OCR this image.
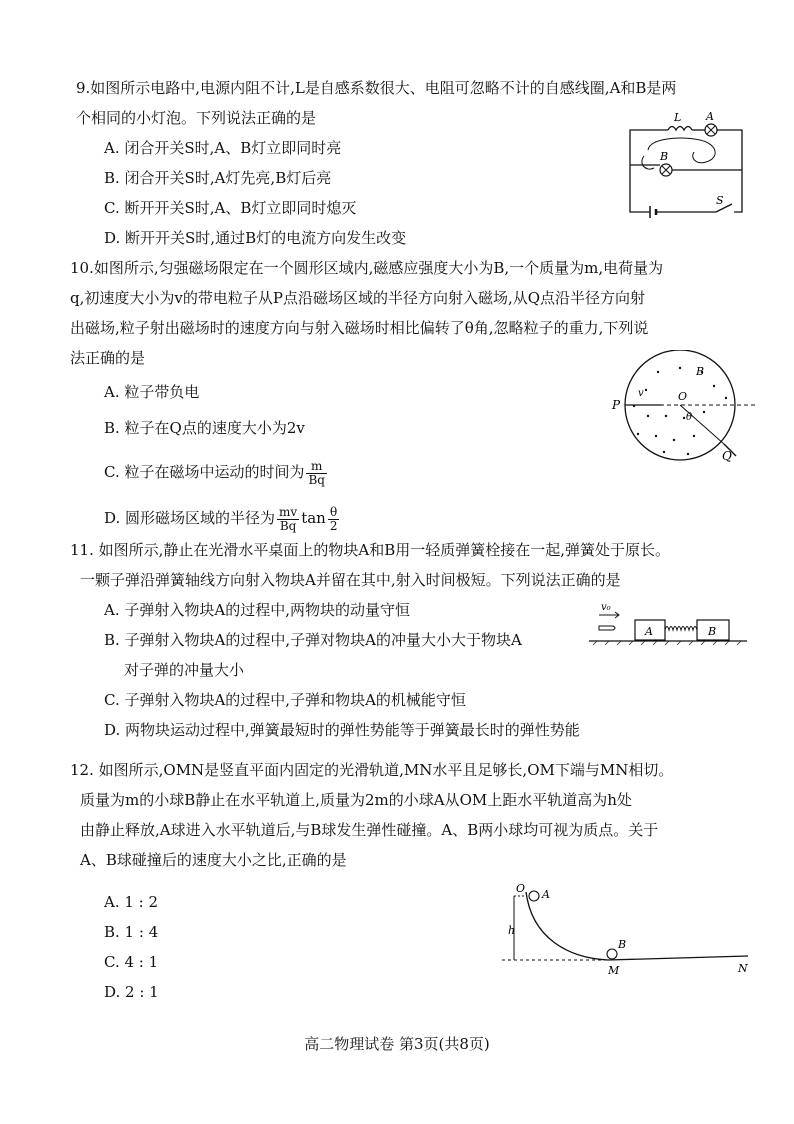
9.如图所示电路中,电源内阻不计,L是自感系数很大、电阻可忽略不计的自感线圈,A和B是两
个相同的小灯泡。下列说法正确的是
A. 闭合开关S时,A、B灯立即同时亮
B. 闭合开关S时,A灯先亮,B灯后亮
C. 断开开关S时,A、B灯立即同时熄灭
D. 断开开关S时,通过B灯的电流方向发生改变
S
L A
B
10.如图所示,匀强磁场限定在一个圆形区域内,磁感应强度大小为B,一个质量为m,电荷量为
q,初速度大小为v的带电粒子从P点沿磁场区域的半径方向射入磁场,从Q点沿半径方向射
出磁场,粒子射出磁场时的速度方向与射入磁场时相比偏转了θ角,忽略粒子的重力,下列说
法正确的是
A. 粒子带负电
B. 粒子在Q点的速度大小为2v
C. 粒子在磁场中运动的时间为 $\frac{m}{Bq}$
D. 圆形磁场区域的半径为 $\frac{mv}{Bq}$ $\tan \frac{\theta}{2}$
B
P
v	O
θ
Q
11. 如图所示,静止在光滑水平桌面上的物块A和B用一轻质弹簧栓接在一起,弹簧处于原长。
一颗子弹沿弹簧轴线方向射入物块A并留在其中,射入时间极短。下列说法正确的是
A. 子弹射入物块A的过程中,两物块的动量守恒
B. 子弹射入物块A的过程中,子弹对物块A的冲量大小大于物块A
对子弹的冲量大小
C. 子弹射入物块A的过程中,子弹和物块A的机械能守恒
D. 两物块运动过程中,弹簧最短时的弹性势能等于弹簧最长时的弹性势能
v₀
A	B
12. 如图所示,OMN是竖直平面内固定的光滑轨道,MN水平且足够长,OM下端与MN相切。
质量为m的小球B静止在水平轨道上,质量为2m的小球A从OM上距水平轨道高为h处
由静止释放,A球进入水平轨道后,与B球发生弹性碰撞。A、B两小球均可视为质点。关于
A、B球碰撞后的速度大小之比,正确的是
A. 1 : 2
B. 1 : 4
C. 4 : 1
D. 2 : 1
O
h
A
B
M	N
高二物理试卷 第3页(共8页)
